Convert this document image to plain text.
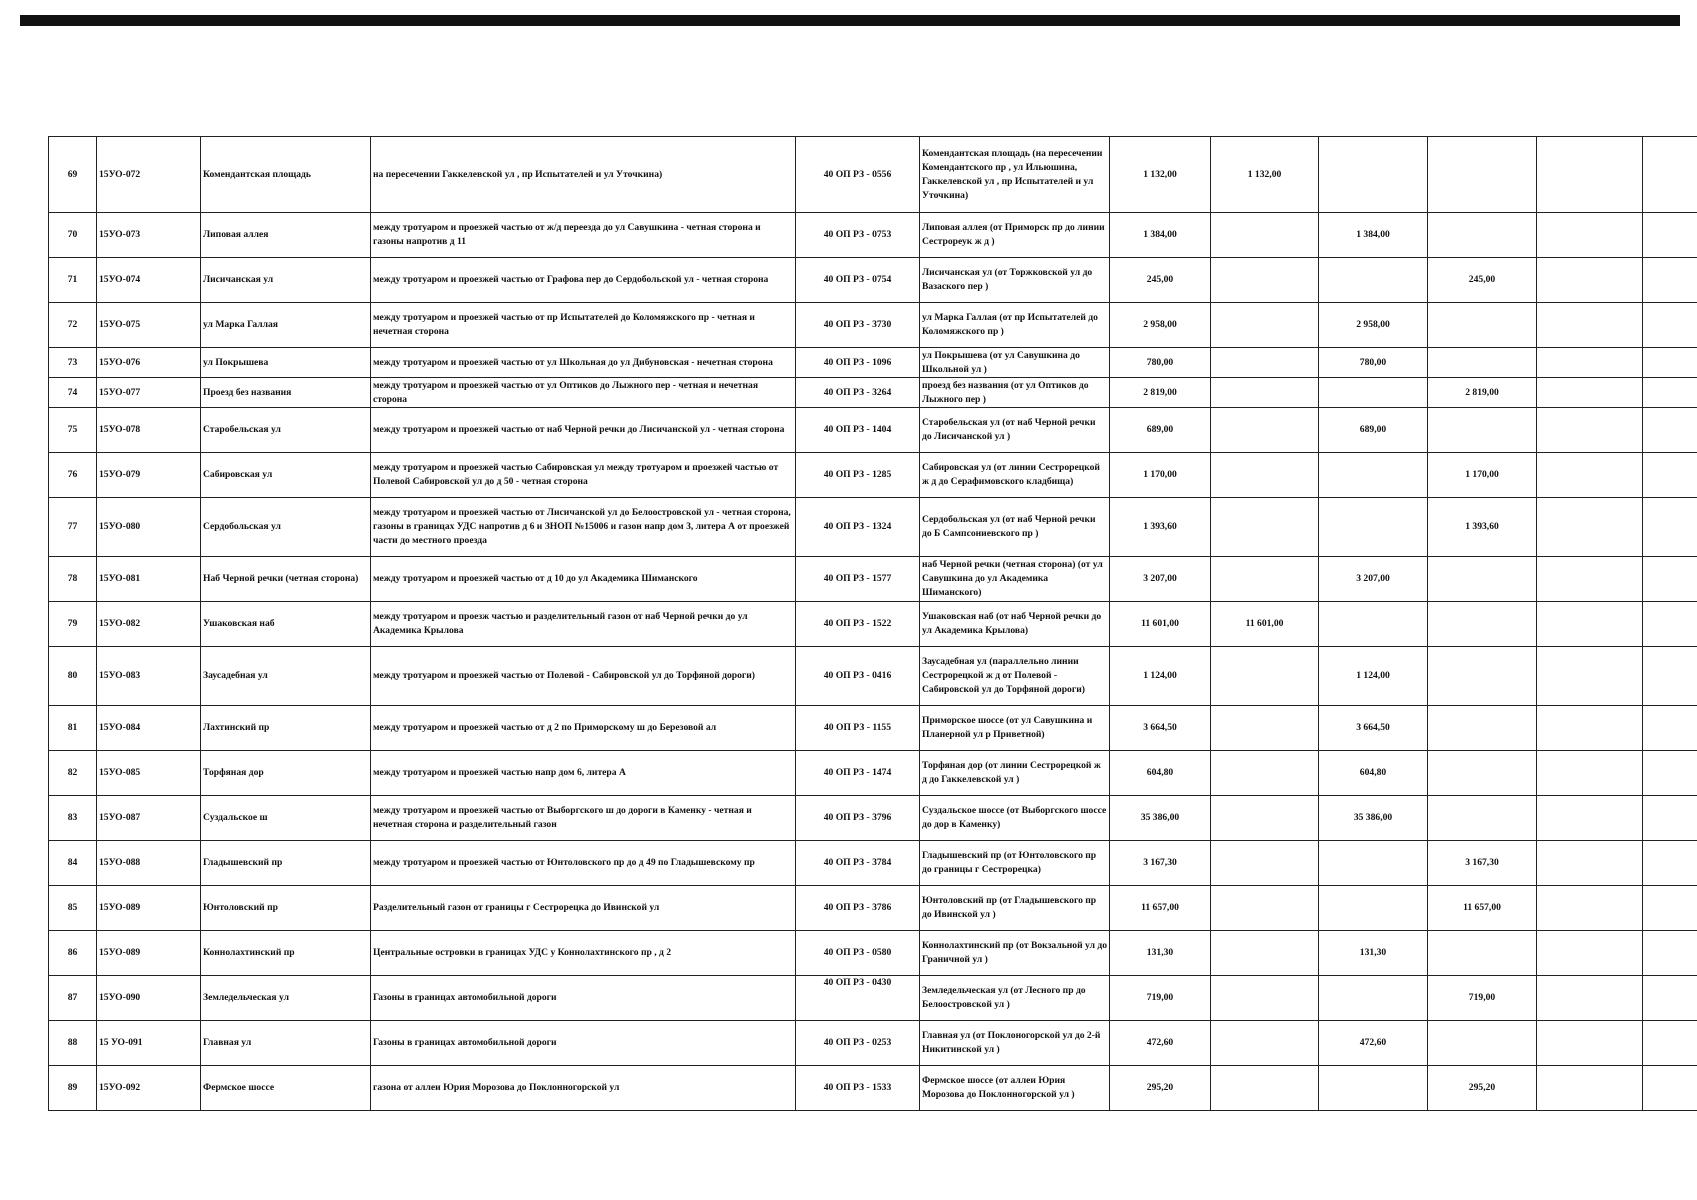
69	15УО-072	Комендантская площадь	на пересечении Гаккелевской ул , пр Испытателей и ул Уточкина)	40 ОП РЗ - 0556	Комендантская площадь (на пересечении Комендантского пр , ул Ильюшина, Гаккелевской ул , пр Испытателей и ул Уточкина)	1 132,00	1 132,00				
70	15УО-073	Липовая аллея	между тротуаром и проезжей частью от ж/д переезда до ул Савушкина - четная сторона и газоны напротив д 11	40 ОП РЗ - 0753	Липовая аллея (от Приморск пр до линии Сестрореук ж д )	1 384,00		1 384,00			
71	15УО-074	Лисичанская ул	между тротуаром и проезжей частью от Графова пер до Сердобольской ул - четная сторона	40 ОП РЗ - 0754	Лисичанская ул (от Торжковской ул до Вазаского пер )	245,00			245,00		
72	15УО-075	ул Марка Галлая	между тротуаром и проезжей частью от пр Испытателей до Коломяжского пр - четная и нечетная сторона	40 ОП РЗ - 3730	ул Марка Галлая (от пр Испытателей до Коломяжского пр )	2 958,00		2 958,00			
73	15УО-076	ул Покрышева	между тротуаром и проезжей частью от ул Школьная до ул Дибуновская - нечетная сторона	40 ОП РЗ - 1096	ул Покрышева (от ул Савушкина до Школьной ул )	780,00		780,00			
74	15УО-077	Проезд без названия	между тротуаром и проезжей частью от ул Оптиков до Лыжного пер - четная и нечетная сторона	40 ОП РЗ - 3264	проезд без названия (от ул Оптиков до Лыжного пер )	2 819,00			2 819,00		
75	15УО-078	Старобельская ул	между тротуаром и проезжей частью от наб Черной речки до Лисичанской ул - четная сторона	40 ОП РЗ - 1404	Старобельская ул (от наб Черной речки до Лисичанской ул )	689,00		689,00			
76	15УО-079	Сабировская ул	между тротуаром и проезжей частью Сабировская ул между тротуаром и проезжей частью от Полевой Сабировской ул до д 50 - четная сторона	40 ОП РЗ - 1285	Сабировская ул (от линии Сестрорецкой ж д до Серафимовского кладбища)	1 170,00			1 170,00		
77	15УО-080	Сердобольская ул	между тротуаром и проезжей частью от Лисичанской ул до Белоостровской ул - четная сторона, газоны в границах УДС напротив д 6 и ЗНОП №15006 и газон напр дом 3, литера А от проезжей части до местного проезда	40 ОП РЗ - 1324	Сердобольская ул (от наб Черной речки до Б Сампсониевского пр )	1 393,60			1 393,60		
78	15УО-081	Наб Черной речки (четная сторона)	между тротуаром и проезжей частью от д 10 до ул Академика Шиманского	40 ОП РЗ - 1577	наб Черной речки (четная сторона) (от ул Савушкина до ул Академика Шиманского)	3 207,00		3 207,00			
79	15УО-082	Ушаковская наб	между тротуаром и проезж частью и разделительный газон от наб Черной речки до ул Академика Крылова	40 ОП РЗ - 1522	Ушаковская наб (от наб Черной речки до ул Академика Крылова)	11 601,00	11 601,00				
80	15УО-083	Заусадебная ул	между тротуаром и проезжей частью от Полевой - Сабировской ул до Торфяной дороги)	40 ОП РЗ - 0416	Заусадебная ул (параллельно линии Сестрорецкой ж д от Полевой - Сабировской ул до Торфяной дороги)	1 124,00		1 124,00			
81	15УО-084	Лахтинский пр	между тротуаром и проезжей частью от д 2 по Приморскому ш до Березовой ал	40 ОП РЗ - 1155	Приморское шоссе (от ул Савушкина и Планерной ул р Приветной)	3 664,50		3 664,50			
82	15УО-085	Торфяная дор	между тротуаром и проезжей частью напр дом 6, литера А	40 ОП РЗ - 1474	Торфяная дор (от линии Сестрорецкой ж д до Гаккелевской ул )	604,80		604,80			
83	15УО-087	Суздальское ш	между тротуаром и проезжей частью от Выборгского ш до дороги в Каменку - четная и нечетная сторона и разделительный газон	40 ОП РЗ - 3796	Суздальское шоссе (от Выборгского шоссе до дор в Каменку)	35 386,00		35 386,00			
84	15УО-088	Гладышевский пр	между тротуаром и проезжей частью от Юнтоловского пр до д 49 по Гладышевскому пр	40 ОП РЗ - 3784	Гладышевский пр (от Юнтоловского пр до границы г Сестрорецка)	3 167,30			3 167,30		
85	15УО-089	Юнтоловский пр	Разделительный газон от границы г Сестрорецка до Ивинской ул	40 ОП РЗ - 3786	Юнтоловский пр (от Гладышевского пр до Ивинской ул )	11 657,00			11 657,00		
86	15УО-089	Коннолахтинский пр	Центральные островки в границах УДС у Коннолахтинского пр , д 2	40 ОП РЗ - 0580	Коннолахтинский пр (от Вокзальной ул до Граничной ул )	131,30		131,30			
87	15УО-090	Земледельческая ул	Газоны в границах автомобильной дороги	40 ОП РЗ - 0430	Земледельческая ул (от Лесного пр до Белоостровской ул )	719,00			719,00		
88	15 УО-091	Главная ул	Газоны в границах автомобильной дороги	40 ОП РЗ - 0253	Главная ул (от Поклоногорской ул до 2-й Никитинской ул )	472,60		472,60			
89	15УО-092	Фермское шоссе	газона от аллеи Юрия Морозова до Поклонногорской ул	40 ОП РЗ - 1533	Фермское шоссе (от аллеи Юрия Морозова до Поклонногорской ул )	295,20			295,20		
